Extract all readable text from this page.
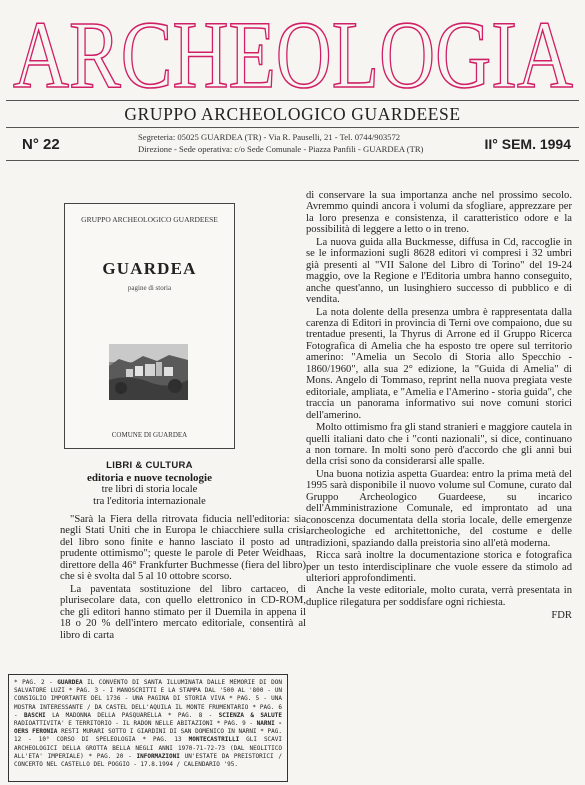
ARCHEOLOGIA
GRUPPO ARCHEOLOGICO GUARDEESE
N° 22	Segreteria: 05025 GUARDEA (TR) - Via R. Pauselli, 21 - Tel. 0744/903572
Direzione - Sede operativa: c/o Sede Comunale - Piazza Panfili - GUARDEA (TR)	II° SEM. 1994
GRUPPO ARCHEOLOGICO GUARDEESE
GUARDEA
pagine di storia
COMUNE DI GUARDEA
LIBRI & CULTURA
editoria e nuove tecnologie
tre libri di storia locale
tra l'editoria internazionale

"Sarà la Fiera della ritrovata fiducia nell'editoria: sia negli Stati Uniti che in Europa le chiacchiere sulla crisi del libro sono finite e hanno lasciato il posto ad un prudente ottimismo"; queste le parole di Peter Weidhaas, direttore della 46° Frankfurter Buchmesse (fiera del libro) che si è svolta dal 5 al 10 ottobre scorso.

La paventata sostituzione del libro cartaceo, di plurisecolare data, con quello elettronico in CD-ROM, che gli editori hanno stimato per il Duemila in appena il 18 o 20 % dell'intero mercato editoriale, consentirà al libro di carta

di conservare la sua importanza anche nel prossimo secolo. Avremmo quindi ancora i volumi da sfogliare, apprezzare per la loro presenza e consistenza, il caratteristico odore e la possibilità di leggere a letto o in treno.

La nuova guida alla Buckmesse, diffusa in Cd, raccoglie in se le informazioni sugli 8628 editori vi compresi i 32 umbri già presenti al "VII Salone del Libro di Torino" del 19-24 maggio, ove la Regione e l'Editoria umbra hanno conseguito, anche quest'anno, un lusinghiero successo di pubblico e di vendita.

La nota dolente della presenza umbra è rappresentata dalla carenza di Editori in provincia di Terni ove compaiono, due su trentadue presenti, la Thyrus di Arrone ed il Gruppo Ricerca Fotografica di Amelia che ha esposto tre opere sul territorio amerino: "Amelia un Secolo di Storia allo Specchio - 1860/1960", alla sua 2° edizione, la "Guida di Amelia" di Mons. Angelo di Tommaso, reprint nella nuova pregiata veste editoriale, ampliata, e "Amelia e l'Amerino - storia guida", che traccia un panorama informativo sui nove comuni storici dell'amerino.

Molto ottimismo fra gli stand stranieri e maggiore cautela in quelli italiani dato che i "conti nazionali", si dice, continuano a non tornare. In molti sono però d'accordo che gli anni bui della crisi sono da considerarsi alle spalle.

Una buona notizia aspetta Guardea: entro la prima metà del 1995 sarà disponibile il nuovo volume sul Comune, curato dal Gruppo Archeologico Guardeese, su incarico dell'Amministrazione Comunale, ed improntato ad una conoscenza documentata della storia locale, delle emergenze archeologiche ed architettoniche, del costume e delle tradizioni, spaziando dalla preistoria sino all'età moderna.

Ricca sarà inoltre la documentazione storica e fotografica per un testo interdisciplinare che vuole essere da stimolo ad ulteriori approfondimenti.

Anche la veste editoriale, molto curata, verrà presentata in duplice rilegatura per soddisfare ogni richiesta.

FDR

* PAG. 2 - GUARDEA IL CONVENTO DI SANTA ILLUMINATA DALLE MEMORIE DI DON SALVATORE LUZI * PAG. 3 - I MANOSCRITTI E LA STAMPA DAL '500 AL '800 - UN CONSIGLIO IMPORTANTE DEL 1736 - UNA PAGINA DI STORIA VIVA * PAG. 5 - UNA MOSTRA INTERESSANTE / DA CASTEL DELL'AQUILA IL MONTE FRUMENTARIO * PAG. 6 - BASCHI LA MADONNA DELLA PASQUARELLA * PAG. 8 - SCIENZA & SALUTE RADIOATTIVITA' E TERRITORIO - IL RADON NELLE ABITAZIONI * PAG. 9 - NARNI - OERS FERONIA RESTI MURARI SOTTO I GIARDINI DI SAN DOMENICO IN NARNI * PAG. 12 - 10° CORSO DI SPELEOLOGIA * PAG. 13 MONTECASTRILLI GLI SCAVI ARCHEOLOGICI DELLA GROTTA BELLA NEGLI ANNI 1970-71-72-73 (DAL NEOLITICO ALL'ETA' IMPERIALE) * PAG. 20 - INFORMAZIONI UN'ESTATE DA PREISTORICI / CONCERTO NEL CASTELLO DEL POGGIO - 17.8.1994 / CALENDARIO '95.
